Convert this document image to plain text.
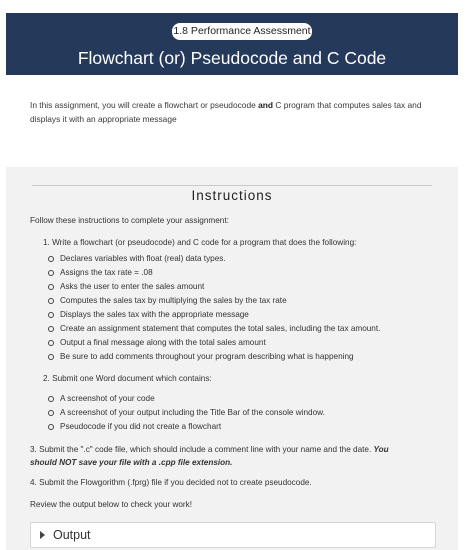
1.8 Performance Assessment
Flowchart (or) Pseudocode and C Code
In this assignment, you will create a flowchart or pseudocode and C program that computes sales tax and displays it with an appropriate message
Instructions
Follow these instructions to complete your assignment:
1. Write a flowchart (or pseudocode) and C code for a program that does the following:
Declares variables with float (real) data types.
Assigns the tax rate = .08
Asks the user to enter the sales amount
Computes the sales tax by multiplying the sales by the tax rate
Displays the sales tax with the appropriate message
Create an assignment statement that computes the total sales, including the tax amount.
Output a final message along with the total sales amount
Be sure to add comments throughout your program describing what is happening
2. Submit one Word document which contains:
A screenshot of your code
A screenshot of your output including the Title Bar of the console window.
Pseudocode if you did not create a flowchart
3. Submit the ".c" code file, which should include a comment line with your name and the date. You
should NOT save your file with a .cpp file extension.
4. Submit the Flowgorithm (.fprg) file if you decided not to create pseudocode.
Review the output below to check your work!
Output
